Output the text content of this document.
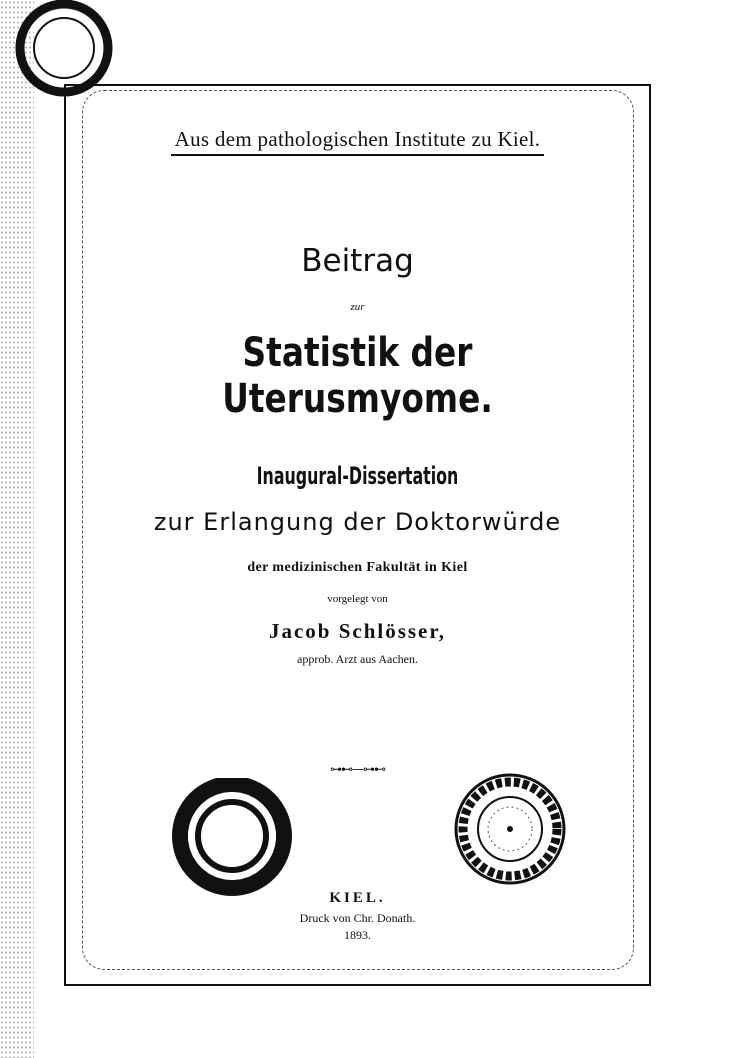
Aus dem pathologischen Institute zu Kiel.
Beitrag
zur
Statistik der Uterusmyome.
Inaugural-Dissertation
zur Erlangung der Doktorwürde
der medizinischen Fakultät in Kiel
vorgelegt von
Jacob Schlösser,
approb. Arzt aus Aachen.
⊶⊷—⊶⊷
KIEL.
Druck von Chr. Donath.
1893.
